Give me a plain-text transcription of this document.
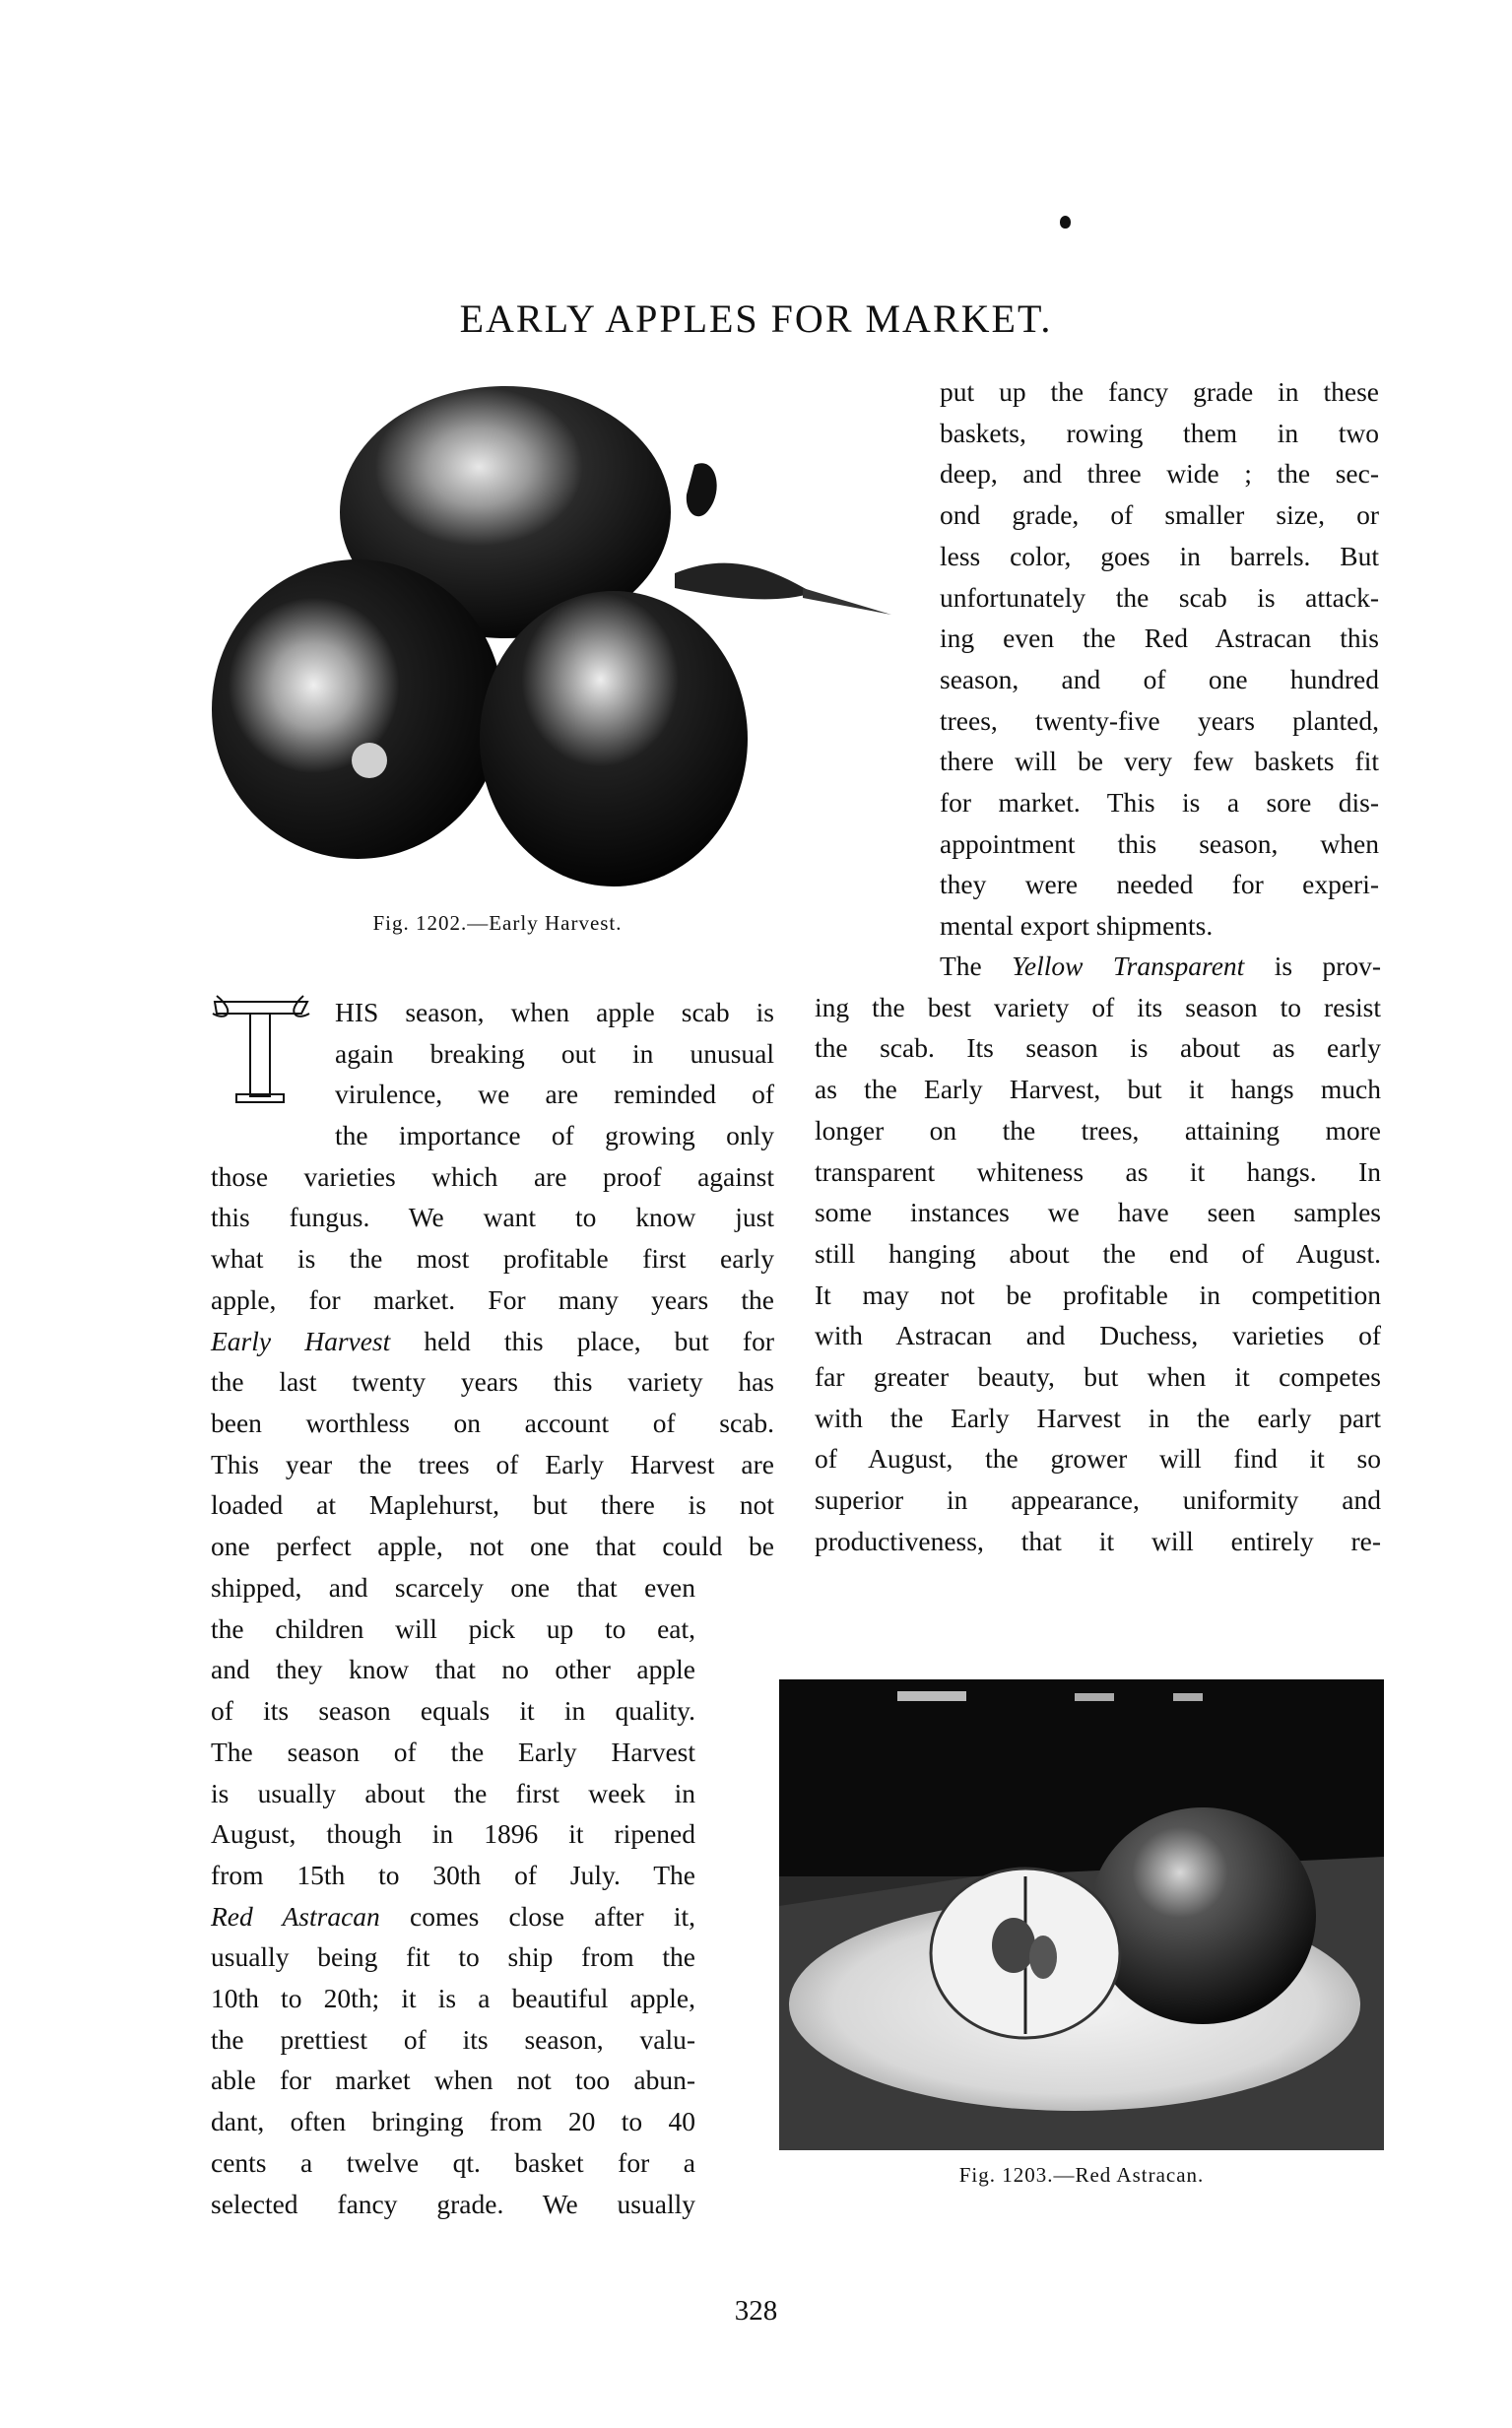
EARLY APPLES FOR MARKET.
Fig. 1202.—Early Harvest.

put up the fancy grade in these

baskets, rowing them in two

deep, and three wide ; the sec-

ond grade, of smaller size, or

less color, goes in barrels. But

unfortunately the scab is attack-

ing even the Red Astracan this

season, and of one hundred

trees, twenty-five years planted,

there will be very few baskets fit

for market. This is a sore dis-

appointment this season, when

they were needed for experi-

mental export shipments.

The Yellow Transparent is prov-

ing the best variety of its season to resist

the scab. Its season is about as early

as the Early Harvest, but it hangs much

longer on the trees, attaining more

transparent whiteness as it hangs. In

some instances we have seen samples

still hanging about the end of August.

It may not be profitable in competition

with Astracan and Duchess, varieties of

far greater beauty, but when it competes

with the Early Harvest in the early part

of August, the grower will find it so

superior in appearance, uniformity and

productiveness, that it will entirely re-

T

HIS season, when apple scab is

again breaking out in unusual

virulence, we are reminded of

the importance of growing only

those varieties which are proof against

this fungus. We want to know just

what is the most profitable first early

apple, for market. For many years the

Early Harvest held this place, but for

the last twenty years this variety has

been worthless on account of scab.

This year the trees of Early Harvest are

loaded at Maplehurst, but there is not

one perfect apple, not one that could be

shipped, and scarcely one that even

the children will pick up to eat,

and they know that no other apple

of its season equals it in quality.

The season of the Early Harvest

is usually about the first week in

August, though in 1896 it ripened

from 15th to 30th of July. The

Red Astracan comes close after it,

usually being fit to ship from the

10th to 20th; it is a beautiful apple,

the prettiest of its season, valu-

able for market when not too abun-

dant, often bringing from 20 to 40

cents a twelve qt. basket for a

selected fancy grade. We usually

Fig. 1203.—Red Astracan.
328
